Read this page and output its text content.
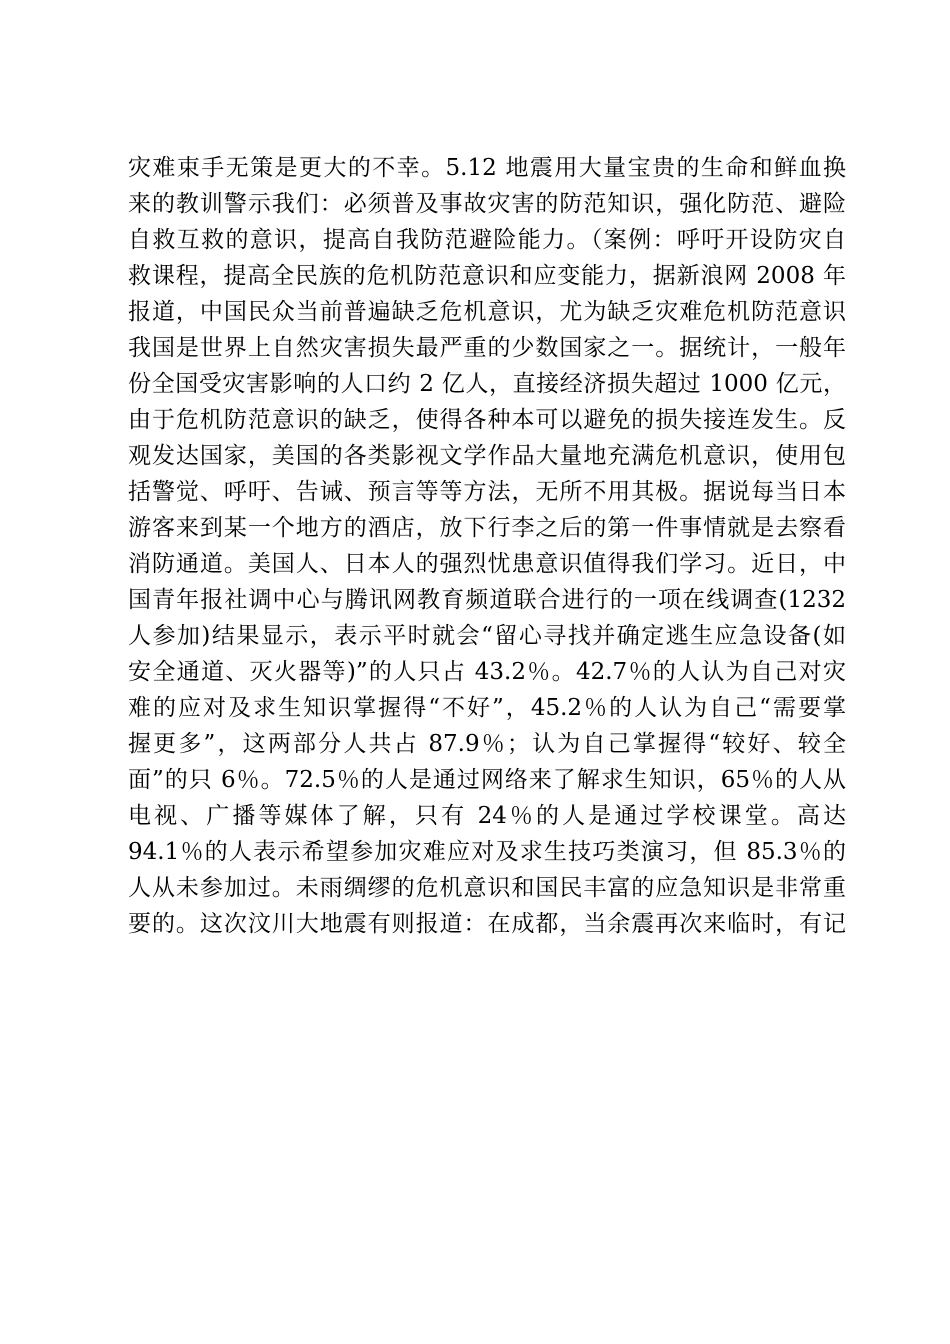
灾难束手无策是更大的不幸。5.12 地震用大量宝贵的生命和鲜血换
来的教训警示我们：必须普及事故灾害的防范知识，强化防范、避险
自救互救的意识，提高自我防范避险能力。（案例：呼吁开设防灾自
救课程，提高全民族的危机防范意识和应变能力，据新浪网 2008 年
报道，中国民众当前普遍缺乏危机意识，尤为缺乏灾难危机防范意识
我国是世界上自然灾害损失最严重的少数国家之一。据统计，一般年
份全国受灾害影响的人口约 2 亿人，直接经济损失超过 1000 亿元，
由于危机防范意识的缺乏，使得各种本可以避免的损失接连发生。反
观发达国家，美国的各类影视文学作品大量地充满危机意识，使用包
括警觉、呼吁、告诫、预言等等方法，无所不用其极。据说每当日本
游客来到某一个地方的酒店，放下行李之后的第一件事情就是去察看
消防通道。美国人、日本人的强烈忧患意识值得我们学习。近日，中
国青年报社调中心与腾讯网教育频道联合进行的一项在线调查(1232
人参加)结果显示，表示平时就会“留心寻找并确定逃生应急设备(如
安全通道、灭火器等)”的人只占 43.2％。42.7％的人认为自己对灾
难的应对及求生知识掌握得“不好”，45.2％的人认为自己“需要掌
握更多”，这两部分人共占 87.9％；认为自己掌握得“较好、较全
面”的只 6％。72.5％的人是通过网络来了解求生知识，65％的人从
电视、广播等媒体了解，只有 24％的人是通过学校课堂。高达
94.1％的人表示希望参加灾难应对及求生技巧类演习，但 85.3％的
人从未参加过。未雨绸缪的危机意识和国民丰富的应急知识是非常重
要的。这次汶川大地震有则报道：在成都，当余震再次来临时，有记
